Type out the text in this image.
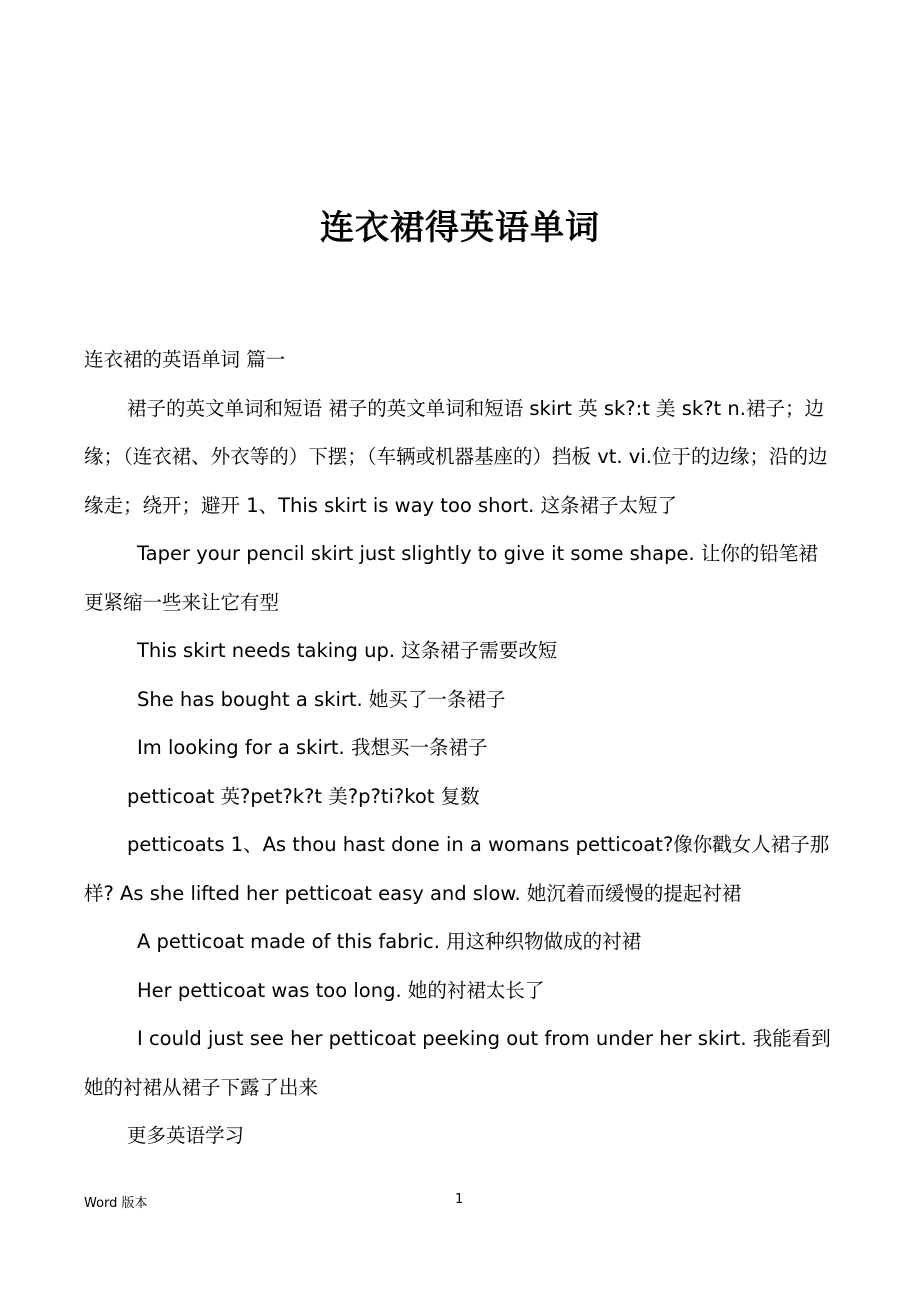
连衣裙得英语单词

连衣裙的英语单词 篇一

裙子的英文单词和短语 裙子的英文单词和短语 skirt 英 sk?:t 美 sk?t n.裙子；边缘；（连衣裙、外衣等的）下摆；（车辆或机器基座的）挡板 vt. vi.位于的边缘；沿的边缘走；绕开；避开 1、This skirt is way too short. 这条裙子太短了

Taper your pencil skirt just slightly to give it some shape. 让你的铅笔裙更紧缩一些来让它有型

This skirt needs taking up. 这条裙子需要改短

She has bought a skirt. 她买了一条裙子

Im looking for a skirt. 我想买一条裙子

petticoat 英?pet?k?t 美?p?ti?kot 复数

petticoats 1、As thou hast done in a womans petticoat?像你戳女人裙子那样? As she lifted her petticoat easy and slow. 她沉着而缓慢的提起衬裙

A petticoat made of this fabric. 用这种织物做成的衬裙

Her petticoat was too long. 她的衬裙太长了

I could just see her petticoat peeking out from under her skirt. 我能看到她的衬裙从裙子下露了出来

更多英语学习

Word 版本	1
